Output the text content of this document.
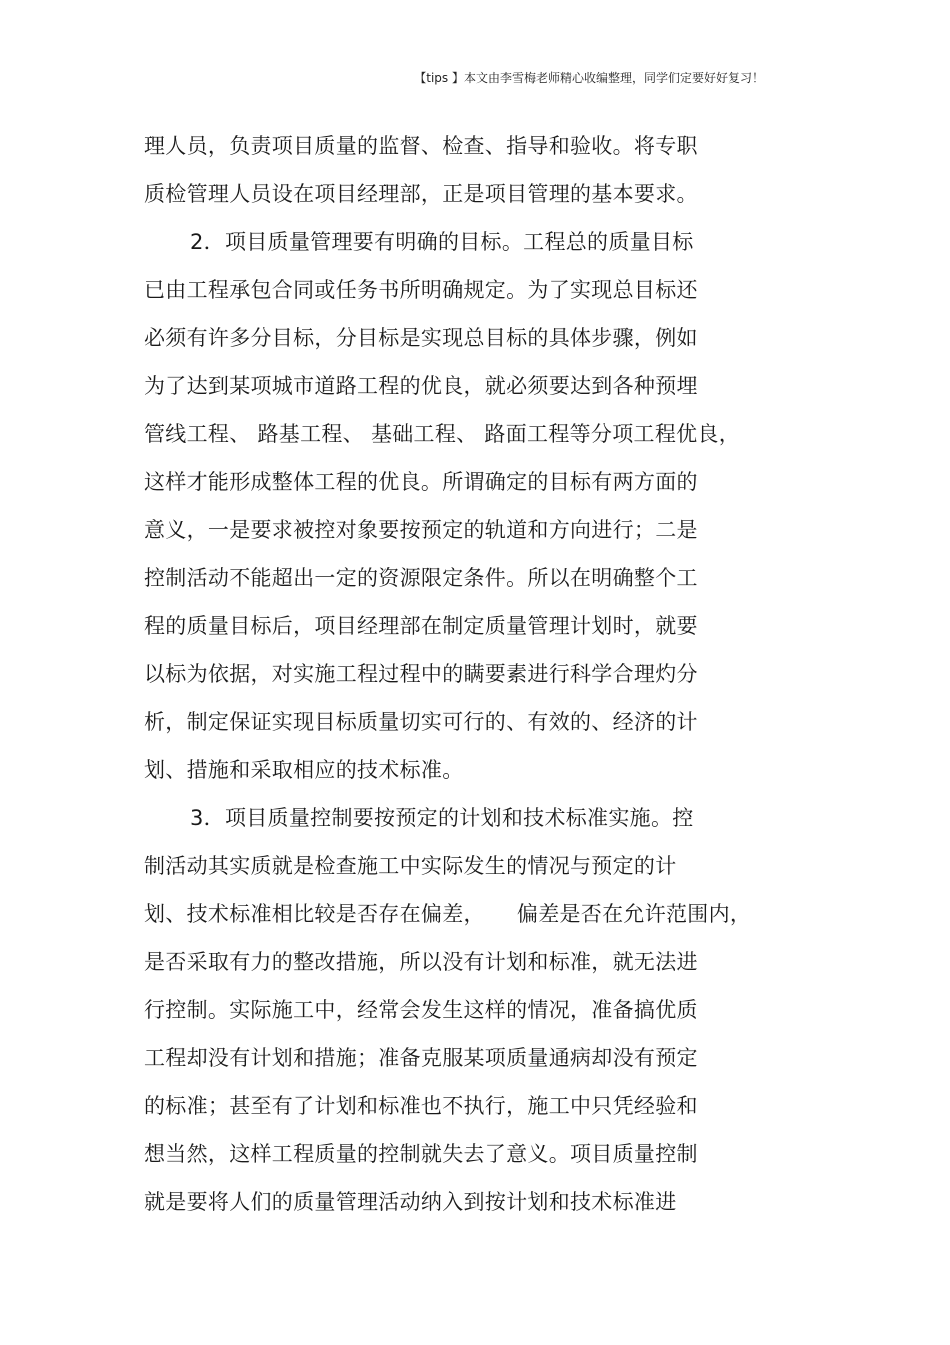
【tips 】本文由李雪梅老师精心收编整理，同学们定要好好复习！
理人员，负责项目质量的监督、检查、指导和验收。将专职
质检管理人员设在项目经理部，正是项目管理的基本要求。
2．项目质量管理要有明确的目标。工程总的质量目标
已由工程承包合同或任务书所明确规定。为了实现总目标还
必须有许多分目标，分目标是实现总目标的具体步骤，例如
为了达到某项城市道路工程的优良，就必须要达到各种预埋
管线工程、 路基工程、 基础工程、 路面工程等分项工程优良，
这样才能形成整体工程的优良。所谓确定的目标有两方面的
意义，一是要求被控对象要按预定的轨道和方向进行；二是
控制活动不能超出一定的资源限定条件。所以在明确整个工
程的质量目标后，项目经理部在制定质量管理计划时，就要
以标为依据，对实施工程过程中的瞒要素进行科学合理灼分
析，制定保证实现目标质量切实可行的、有效的、经济的计
划、措施和采取相应的技术标准。
3．项目质量控制要按预定的计划和技术标准实施。控
制活动其实质就是检查施工中实际发生的情况与预定的计
划、技术标准相比较是否存在偏差，　　偏差是否在允许范围内，
是否采取有力的整改措施，所以没有计划和标准，就无法进
行控制。实际施工中，经常会发生这样的情况，准备搞优质
工程却没有计划和措施；准备克服某项质量通病却没有预定
的标准；甚至有了计划和标准也不执行，施工中只凭经验和
想当然，这样工程质量的控制就失去了意义。项目质量控制
就是要将人们的质量管理活动纳入到按计划和技术标准进
